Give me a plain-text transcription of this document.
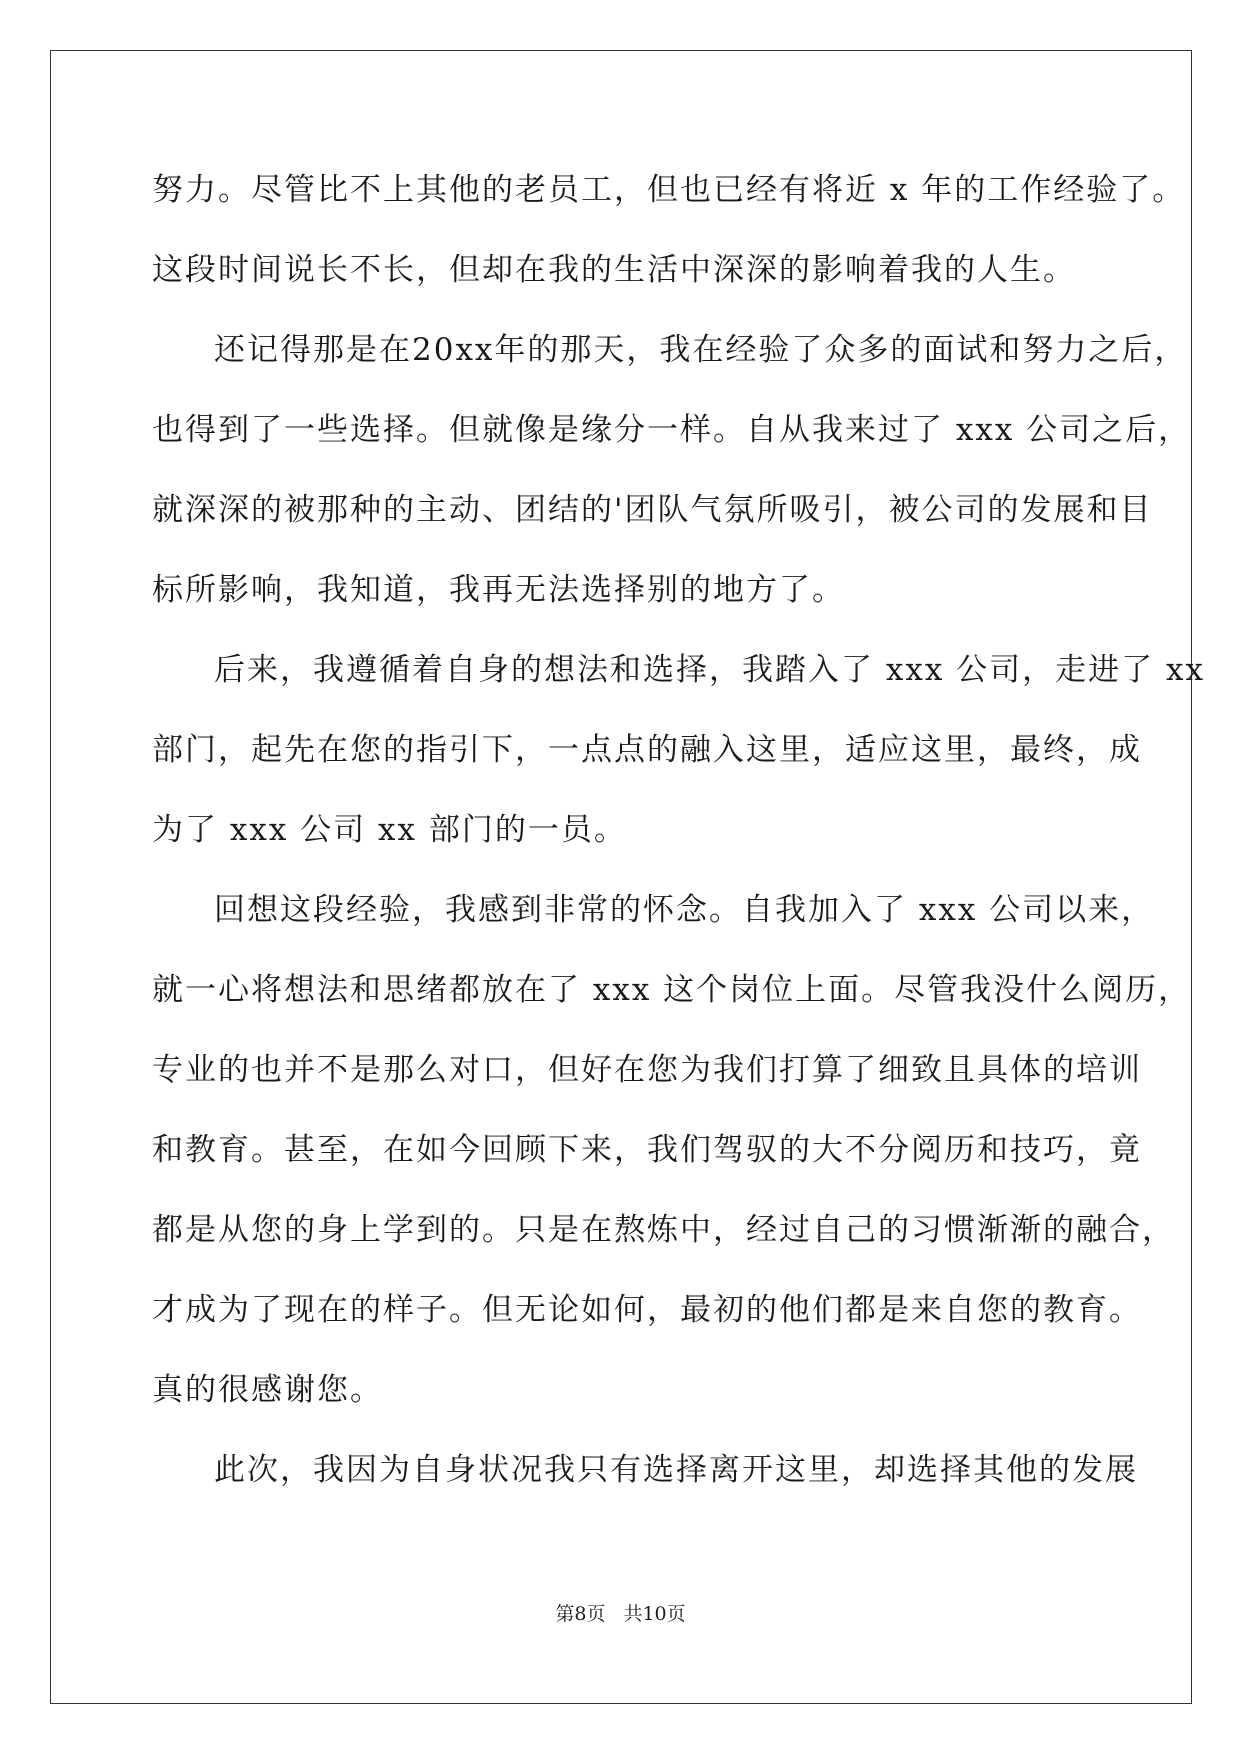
努力。尽管比不上其他的老员工，但也已经有将近 x 年的工作经验了。
这段时间说长不长，但却在我的生活中深深的影响着我的人生。
还记得那是在20xx年的那天，我在经验了众多的面试和努力之后，
也得到了一些选择。但就像是缘分一样。自从我来过了 xxx 公司之后，
就深深的被那种的主动、团结的'团队气氛所吸引，被公司的发展和目
标所影响，我知道，我再无法选择别的地方了。
后来，我遵循着自身的想法和选择，我踏入了 xxx 公司，走进了 xx
部门，起先在您的指引下，一点点的融入这里，适应这里，最终，成
为了 xxx 公司 xx 部门的一员。
回想这段经验，我感到非常的怀念。自我加入了 xxx 公司以来，
就一心将想法和思绪都放在了 xxx 这个岗位上面。尽管我没什么阅历，
专业的也并不是那么对口，但好在您为我们打算了细致且具体的培训
和教育。甚至，在如今回顾下来，我们驾驭的大不分阅历和技巧，竟
都是从您的身上学到的。只是在熬炼中，经过自己的习惯渐渐的融合，
才成为了现在的样子。但无论如何，最初的他们都是来自您的教育。
真的很感谢您。
此次，我因为自身状况我只有选择离开这里，却选择其他的发展
第8页 共10页
